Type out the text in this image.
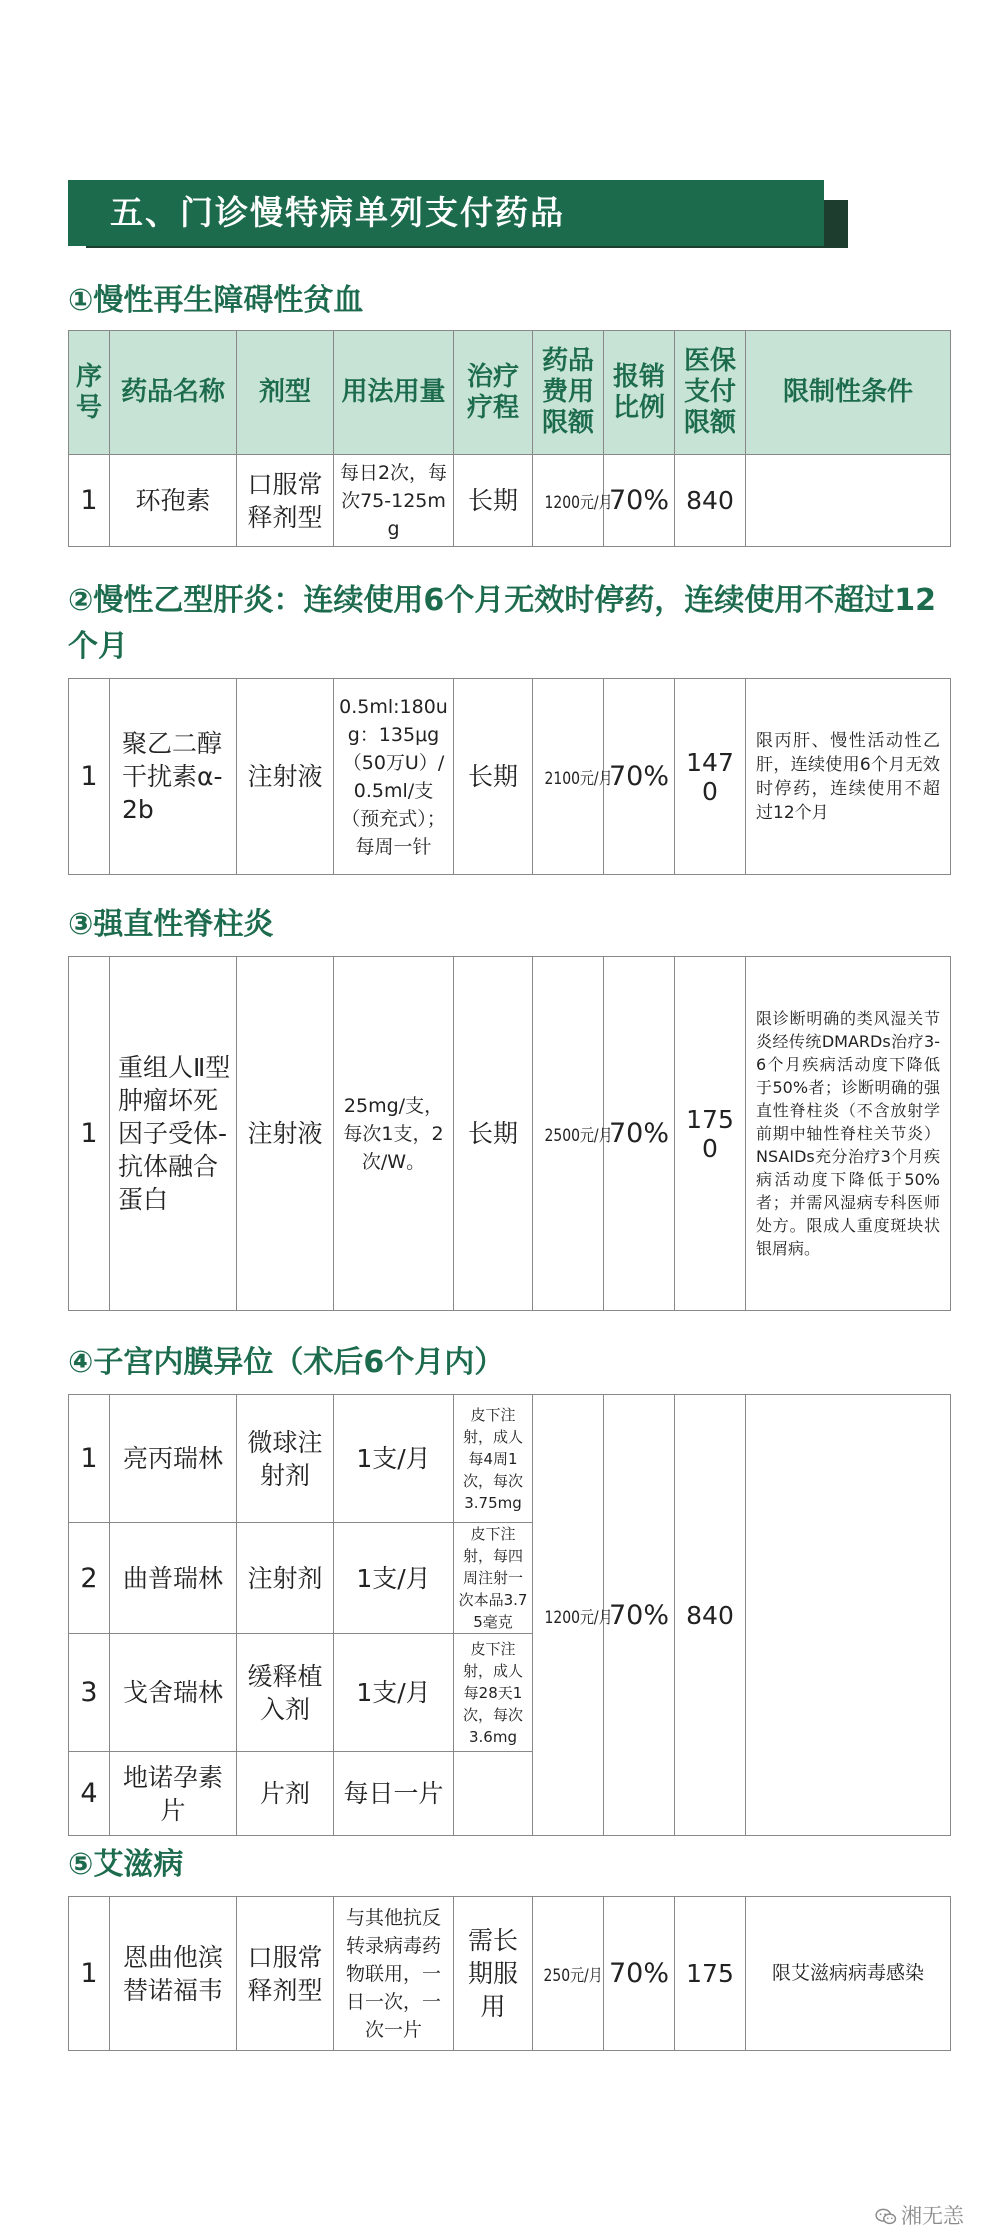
五、门诊慢特病单列支付药品
①慢性再生障碍性贫血
序号	药品名称	剂型	用法用量	治疗疗程	药品费用限额	报销比例	医保支付限额	限制性条件
1	环孢素	口服常释剂型	每日2次，每次75-125mg	长期	1200元/月	70%	840	
②慢性乙型肝炎：连续使用6个月无效时停药，连续使用不超过12个月
1	聚乙二醇干扰素α-2b	注射液	0.5ml:180ug：135μg（50万U）/0.5ml/支（预充式）；每周一针	长期	2100元/月	70%	1470	限丙肝、慢性活动性乙肝，连续使用6个月无效时停药，连续使用不超过12个月
③强直性脊柱炎
1	重组人Ⅱ型肿瘤坏死因子受体-抗体融合蛋白	注射液	25mg/支，每次1支，2次/W。	长期	2500元/月	70%	1750	限诊断明确的类风湿关节炎经传统DMARDs治疗3-6个月疾病活动度下降低于50%者；诊断明确的强直性脊柱炎（不含放射学前期中轴性脊柱关节炎）NSAIDs充分治疗3个月疾病活动度下降低于50%者；并需风湿病专科医师处方。限成人重度斑块状银屑病。
④子宫内膜异位（术后6个月内）
1	亮丙瑞林	微球注射剂	1支/月	皮下注射，成人每4周1次，每次3.75mg	1200元/月	70%	840	
2	曲普瑞林	注射剂	1支/月	皮下注射，每四周注射一次本品3.75毫克				
3	戈舍瑞林	缓释植入剂	1支/月	皮下注射，成人每28天1次，每次3.6mg				
4	地诺孕素片	片剂	每日一片					
⑤艾滋病
1	恩曲他滨替诺福韦	口服常释剂型	与其他抗反转录病毒药物联用，一日一次，一次一片	需长期服用	250元/月	70%	175	限艾滋病病毒感染
湘无恙
